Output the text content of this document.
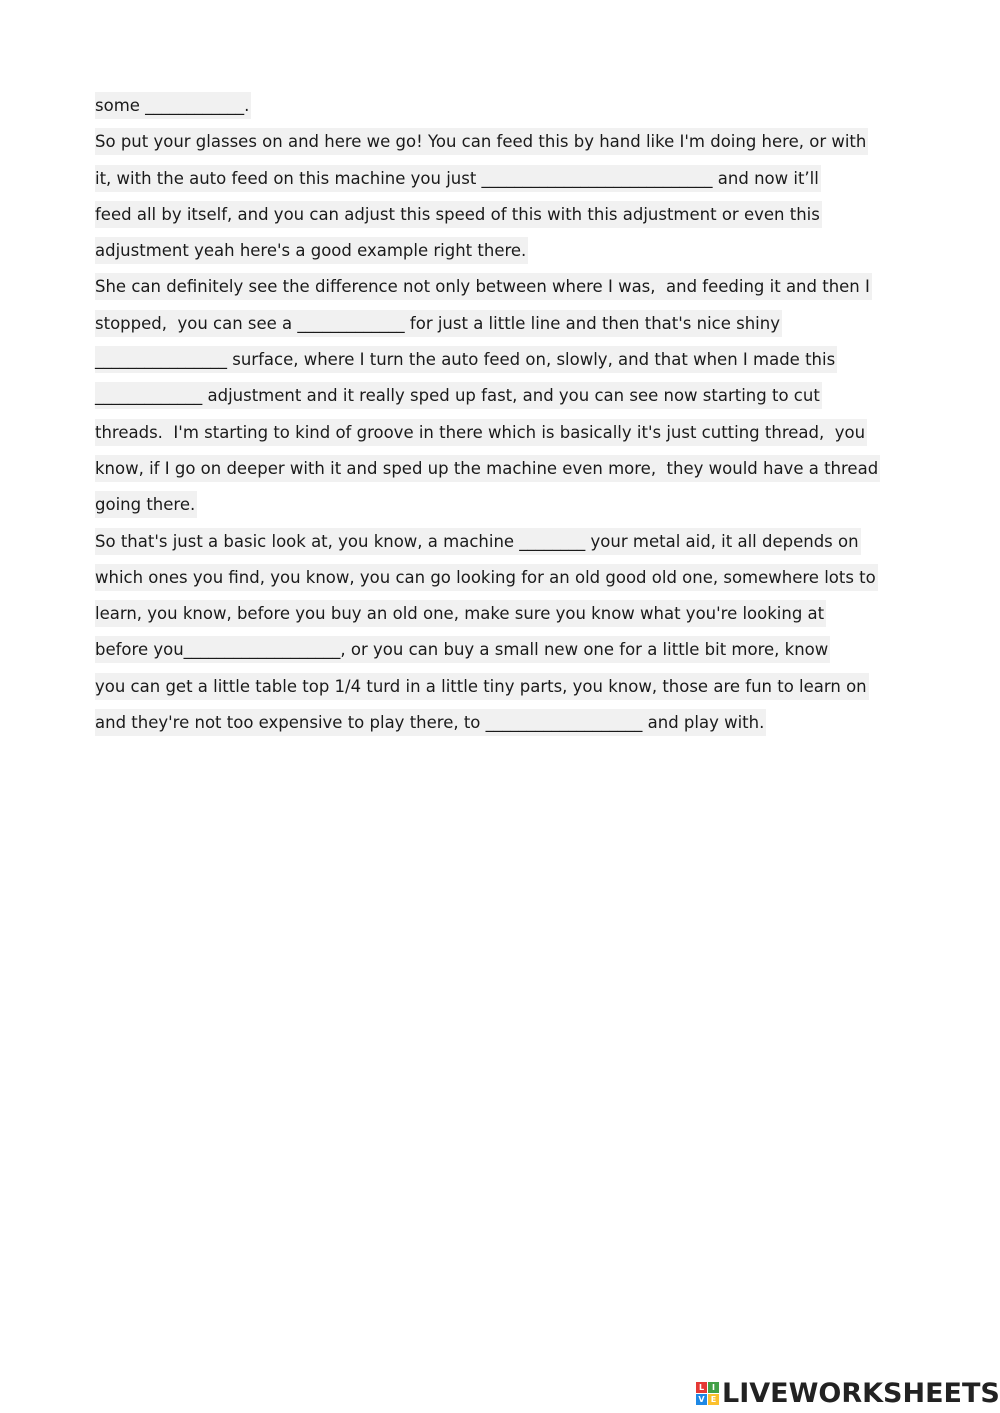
some ____________.
So put your glasses on and here we go! You can feed this by hand like I'm doing here, or with
it, with the auto feed on this machine you just ____________________________ and now it’ll
feed all by itself, and you can adjust this speed of this with this adjustment or even this
adjustment yeah here's a good example right there.
She can definitely see the difference not only between where I was,  and feeding it and then I
stopped,  you can see a _____________ for just a little line and then that's nice shiny
________________ surface, where I turn the auto feed on, slowly, and that when I made this
_____________ adjustment and it really sped up fast, and you can see now starting to cut
threads.  I'm starting to kind of groove in there which is basically it's just cutting thread,  you
know, if I go on deeper with it and sped up the machine even more,  they would have a thread
going there.
So that's just a basic look at, you know, a machine ________ your metal aid, it all depends on
which ones you find, you know, you can go looking for an old good old one, somewhere lots to
learn, you know, before you buy an old one, make sure you know what you're looking at
before you___________________, or you can buy a small new one for a little bit more, know
you can get a little table top 1/4 turd in a little tiny parts, you know, those are fun to learn on
and they're not too expensive to play there, to ___________________ and play with.
L I
V E LIVEWORKSHEETS
